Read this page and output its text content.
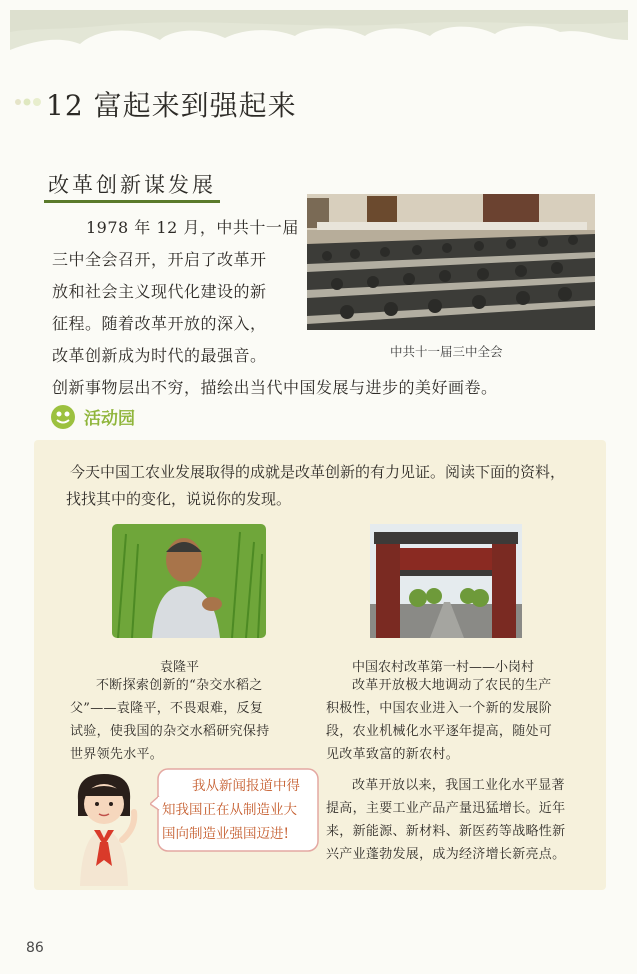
12 富起来到强起来
改革创新谋发展
1978 年 12 月，中共十一届
三中全会召开，开启了改革开
放和社会主义现代化建设的新
征程。随着改革开放的深入，
改革创新成为时代的最强音。
创新事物层出不穷，描绘出当代中国发展与进步的美好画卷。
中共十一届三中全会
活动园
今天中国工农业发展取得的成就是改革创新的有力见证。阅读下面的资料，
找找其中的变化，说说你的发现。
袁隆平	中国农村改革第一村——小岗村
不断探索创新的“杂交水稻之
父”——袁隆平，不畏艰难，反复
试验，使我国的杂交水稻研究保持
世界领先水平。
改革开放极大地调动了农民的生产
积极性，中国农业进入一个新的发展阶
段，农业机械化水平逐年提高，随处可
见改革致富的新农村。
改革开放以来，我国工业化水平显著
提高，主要工业产品产量迅猛增长。近年
来，新能源、新材料、新医药等战略性新
兴产业蓬勃发展，成为经济增长新亮点。
我从新闻报道中得
知我国正在从制造业大
国向制造业强国迈进!
86
